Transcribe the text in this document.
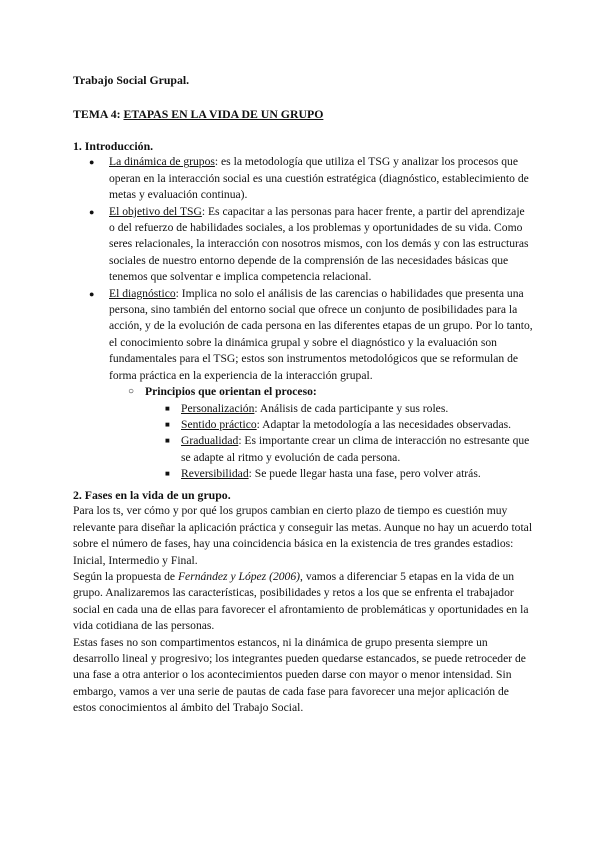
Trabajo Social Grupal.

TEMA 4: ETAPAS EN LA VIDA DE UN GRUPO

1. Introducción.

● La dinámica de grupos: es la metodología que utiliza el TSG y analizar los procesos que operan en la interacción social es una cuestión estratégica (diagnóstico, establecimiento de metas y evaluación continua).
● El objetivo del TSG: Es capacitar a las personas para hacer frente, a partir del aprendizaje o del refuerzo de habilidades sociales, a los problemas y oportunidades de su vida. Como seres relacionales, la interacción con nosotros mismos, con los demás y con las estructuras sociales de nuestro entorno depende de la comprensión de las necesidades básicas que tenemos que solventar e implica competencia relacional.
● El diagnóstico: Implica no solo el análisis de las carencias o habilidades que presenta una persona, sino también del entorno social que ofrece un conjunto de posibilidades para la acción, y de la evolución de cada persona en las diferentes etapas de un grupo. Por lo tanto, el conocimiento sobre la dinámica grupal y sobre el diagnóstico y la evaluación son fundamentales para el TSG; estos son instrumentos metodológicos que se reformulan de forma práctica en la experiencia de la interacción grupal.

○ Principios que orientan el proceso:

■ Personalización: Análisis de cada participante y sus roles.
■ Sentido práctico: Adaptar la metodología a las necesidades observadas.
■ Gradualidad: Es importante crear un clima de interacción no estresante que se adapte al ritmo y evolución de cada persona.
■ Reversibilidad: Se puede llegar hasta una fase, pero volver atrás.

2. Fases en la vida de un grupo.

Para los ts, ver cómo y por qué los grupos cambian en cierto plazo de tiempo es cuestión muy relevante para diseñar la aplicación práctica y conseguir las metas. Aunque no hay un acuerdo total sobre el número de fases, hay una coincidencia básica en la existencia de tres grandes estadios: Inicial, Intermedio y Final.

Según la propuesta de Fernández y López (2006), vamos a diferenciar 5 etapas en la vida de un grupo. Analizaremos las características, posibilidades y retos a los que se enfrenta el trabajador social en cada una de ellas para favorecer el afrontamiento de problemáticas y oportunidades en la vida cotidiana de las personas.

Estas fases no son compartimentos estancos, ni la dinámica de grupo presenta siempre un desarrollo lineal y progresivo; los integrantes pueden quedarse estancados, se puede retroceder de una fase a otra anterior o los acontecimientos pueden darse con mayor o menor intensidad. Sin embargo, vamos a ver una serie de pautas de cada fase para favorecer una mejor aplicación de estos conocimientos al ámbito del Trabajo Social.
